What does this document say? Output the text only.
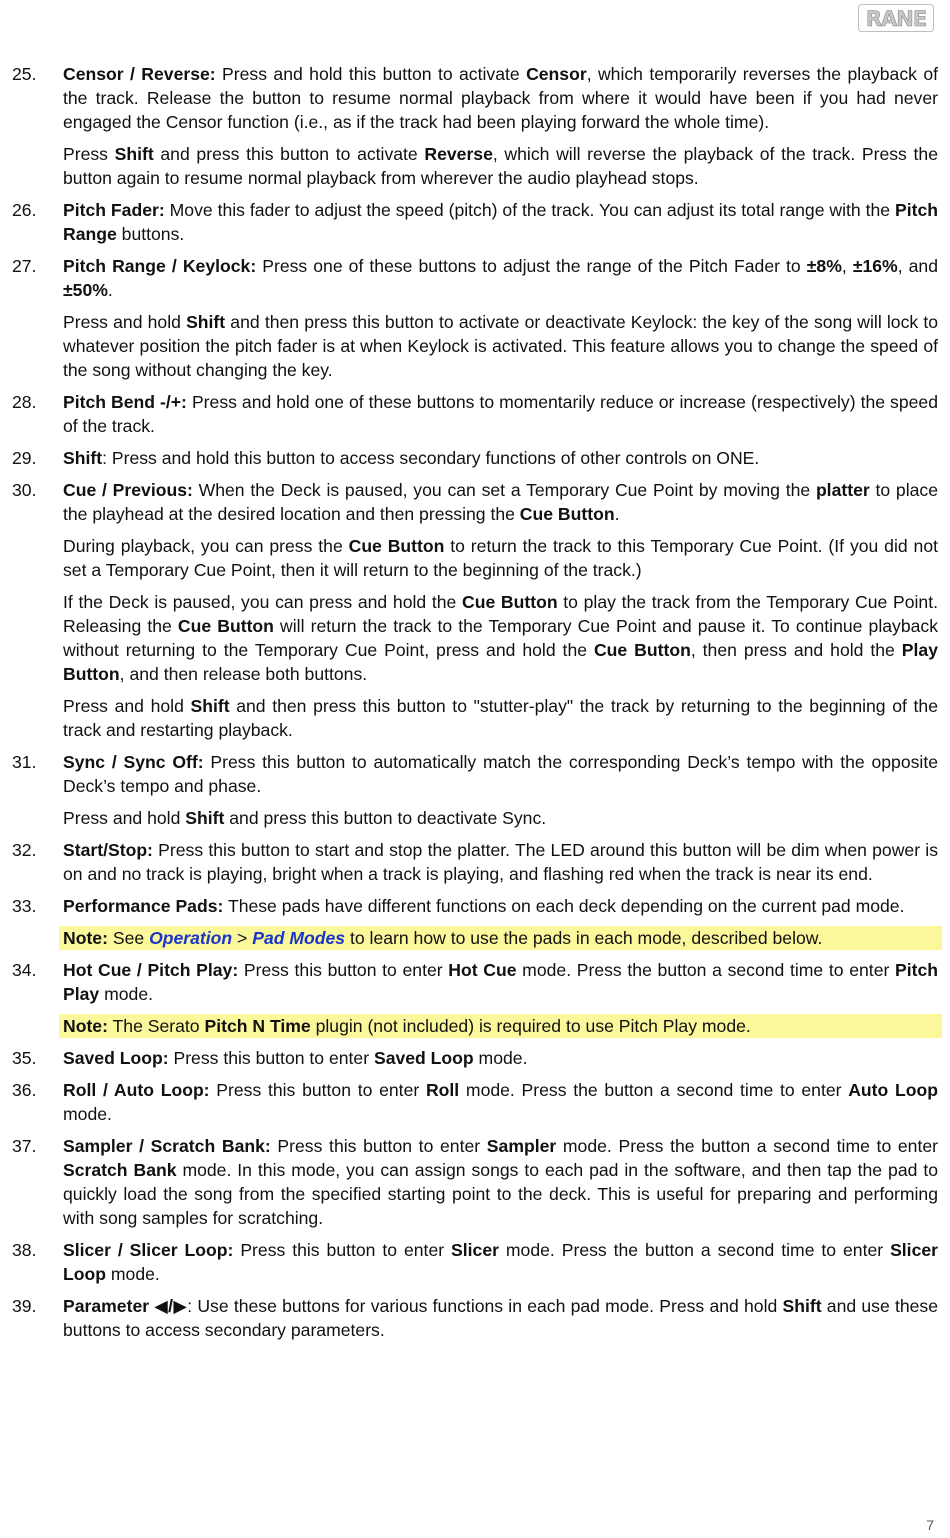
RANE
25.	Censor / Reverse: Press and hold this button to activate Censor, which temporarily reverses the playback of the track. Release the button to resume normal playback from where it would have been if you had never engaged the Censor function (i.e., as if the track had been playing forward the whole time).
Press Shift and press this button to activate Reverse, which will reverse the playback of the track. Press the button again to resume normal playback from wherever the audio playhead stops.
26.	Pitch Fader: Move this fader to adjust the speed (pitch) of the track. You can adjust its total range with the Pitch Range buttons.
27.	Pitch Range / Keylock: Press one of these buttons to adjust the range of the Pitch Fader to ±8%, ±16%, and ±50%.
Press and hold Shift and then press this button to activate or deactivate Keylock: the key of the song will lock to whatever position the pitch fader is at when Keylock is activated. This feature allows you to change the speed of the song without changing the key.
28.	Pitch Bend -/+: Press and hold one of these buttons to momentarily reduce or increase (respectively) the speed of the track.
29.	Shift: Press and hold this button to access secondary functions of other controls on ONE.
30.	Cue / Previous: When the Deck is paused, you can set a Temporary Cue Point by moving the platter to place the playhead at the desired location and then pressing the Cue Button.
During playback, you can press the Cue Button to return the track to this Temporary Cue Point. (If you did not set a Temporary Cue Point, then it will return to the beginning of the track.)
If the Deck is paused, you can press and hold the Cue Button to play the track from the Temporary Cue Point. Releasing the Cue Button will return the track to the Temporary Cue Point and pause it. To continue playback without returning to the Temporary Cue Point, press and hold the Cue Button, then press and hold the Play Button, and then release both buttons.
Press and hold Shift and then press this button to "stutter-play" the track by returning to the beginning of the track and restarting playback.
31.	Sync / Sync Off: Press this button to automatically match the corresponding Deck’s tempo with the opposite Deck’s tempo and phase.
Press and hold Shift and press this button to deactivate Sync.
32.	Start/Stop: Press this button to start and stop the platter. The LED around this button will be dim when power is on and no track is playing, bright when a track is playing, and flashing red when the track is near its end.
33.	Performance Pads: These pads have different functions on each deck depending on the current pad mode.
Note: See Operation > Pad Modes to learn how to use the pads in each mode, described below.
34.	Hot Cue / Pitch Play: Press this button to enter Hot Cue mode. Press the button a second time to enter Pitch Play mode.
Note: The Serato Pitch N Time plugin (not included) is required to use Pitch Play mode.
35.	Saved Loop: Press this button to enter Saved Loop mode.
36.	Roll / Auto Loop: Press this button to enter Roll mode. Press the button a second time to enter Auto Loop mode.
37.	Sampler / Scratch Bank: Press this button to enter Sampler mode. Press the button a second time to enter Scratch Bank mode. In this mode, you can assign songs to each pad in the software, and then tap the pad to quickly load the song from the specified starting point to the deck. This is useful for preparing and performing with song samples for scratching.
38.	Slicer / Slicer Loop: Press this button to enter Slicer mode. Press the button a second time to enter Slicer Loop mode.
39.	Parameter ◀/▶: Use these buttons for various functions in each pad mode. Press and hold Shift and use these buttons to access secondary parameters.
7
